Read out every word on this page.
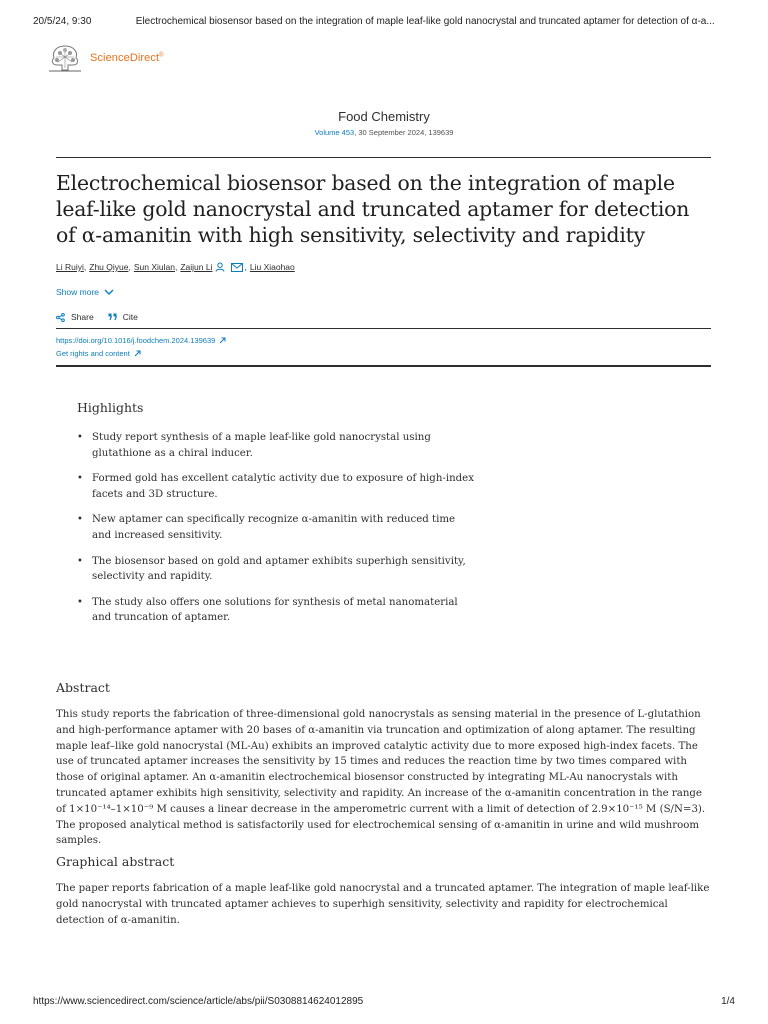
20/5/24, 9:30	Electrochemical biosensor based on the integration of maple leaf-like gold nanocrystal and truncated aptamer for detection of α-a...
ScienceDirect®
Food Chemistry
Volume 453, 30 September 2024, 139639
Electrochemical biosensor based on the integration of maple leaf-like gold nanocrystal and truncated aptamer for detection of α-amanitin with high sensitivity, selectivity and rapidity
Li Ruiyi , Zhu Qiyue , Sun Xiulan , Zaijun Li	, Liu Xiaohao
Show more
Share	Cite
https://doi.org/10.1016/j.foodchem.2024.139639
Get rights and content
Highlights
• Study report synthesis of a maple leaf-like gold nanocrystal using glutathione as a chiral inducer.
• Formed gold has excellent catalytic activity due to exposure of high-index facets and 3D structure.
• New aptamer can specifically recognize α-amanitin with reduced time and increased sensitivity.
• The biosensor based on gold and aptamer exhibits superhigh sensitivity, selectivity and rapidity.
• The study also offers one solutions for synthesis of metal nanomaterial and truncation of aptamer.
Abstract

This study reports the fabrication of three-dimensional gold nanocrystals as sensing material in the presence of L-glutathion and high-performance aptamer with 20 bases of α-amanitin via truncation and optimization of along aptamer. The resulting maple leaf–like gold nanocrystal (ML-Au) exhibits an improved catalytic activity due to more exposed high-index facets. The use of truncated aptamer increases the sensitivity by 15 times and reduces the reaction time by two times compared with those of original aptamer. An α-amanitin electrochemical biosensor constructed by integrating ML-Au nanocrystals with truncated aptamer exhibits high sensitivity, selectivity and rapidity. An increase of the α-amanitin concentration in the range of 1×10⁻¹⁴–1×10⁻⁹ M causes a linear decrease in the amperometric current with a limit of detection of 2.9×10⁻¹⁵ M (S/N=3). The proposed analytical method is satisfactorily used for electrochemical sensing of α-amanitin in urine and wild mushroom samples.

Graphical abstract

The paper reports fabrication of a maple leaf-like gold nanocrystal and a truncated aptamer. The integration of maple leaf-like gold nanocrystal with truncated aptamer achieves to superhigh sensitivity, selectivity and rapidity for electrochemical detection of α-amanitin.

https://www.sciencedirect.com/science/article/abs/pii/S0308814624012895	1/4
